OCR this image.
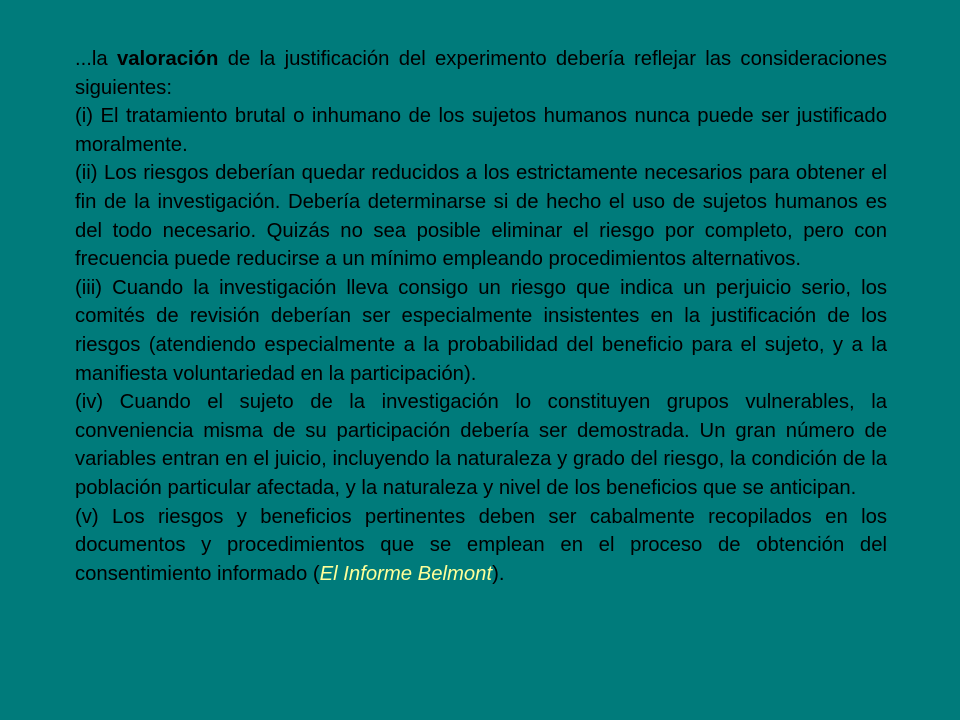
...la valoración de la justificación del experimento debería reflejar las consideraciones siguientes:

(i) El tratamiento brutal o inhumano de los sujetos humanos nunca puede ser justificado moralmente.

(ii) Los riesgos deberían quedar reducidos a los estrictamente necesarios para obtener el fin de la investigación. Debería determinarse si de hecho el uso de sujetos humanos es del todo necesario. Quizás no sea posible eliminar el riesgo por completo, pero con frecuencia puede reducirse a un mínimo empleando procedimientos alternativos.

(iii) Cuando la investigación lleva consigo un riesgo que indica un perjuicio serio, los comités de revisión deberían ser especialmente insistentes en la justificación de los riesgos (atendiendo especialmente a la probabilidad del beneficio para el sujeto, y a la manifiesta voluntariedad en la participación).

(iv) Cuando el sujeto de la investigación lo constituyen grupos vulnerables, la conveniencia misma de su participación debería ser demostrada. Un gran número de variables entran en el juicio, incluyendo la naturaleza y grado del riesgo, la condición de la población particular afectada, y la naturaleza y nivel de los beneficios que se anticipan.

(v) Los riesgos y beneficios pertinentes deben ser cabalmente recopilados en los documentos y procedimientos que se emplean en el proceso de obtención del consentimiento informado (El Informe Belmont).
